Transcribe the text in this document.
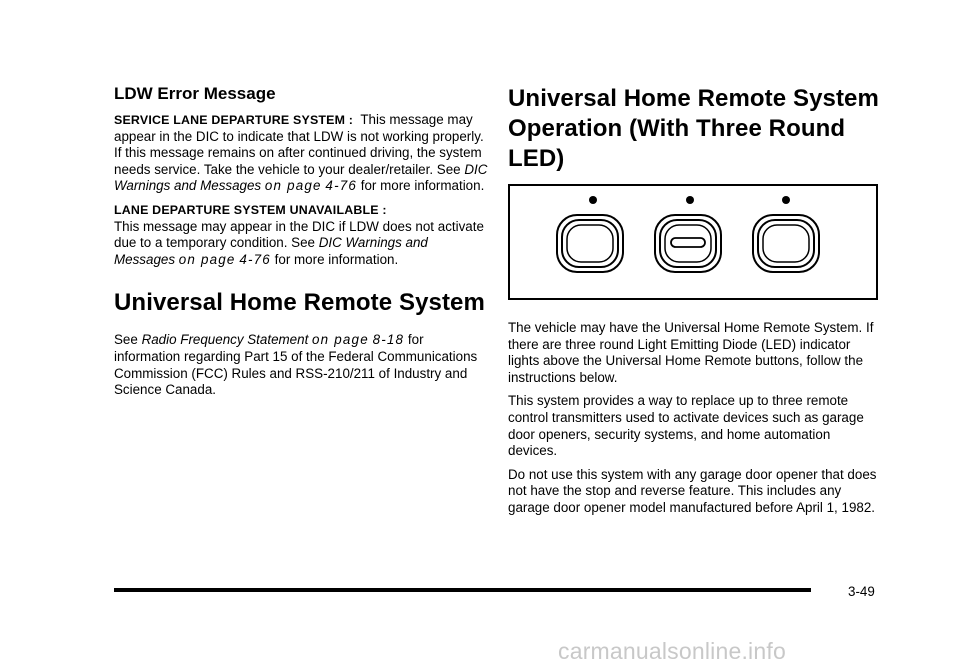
LDW Error Message

SERVICE LANE DEPARTURE SYSTEM : This message may appear in the DIC to indicate that LDW is not working properly. If this message remains on after continued driving, the system needs service. Take the vehicle to your dealer/retailer. See DIC Warnings and Messages on page 4-76 for more information.

LANE DEPARTURE SYSTEM UNAVAILABLE :
This message may appear in the DIC if LDW does not activate due to a temporary condition. See DIC Warnings and Messages on page 4-76 for more information.

Universal Home Remote System

See Radio Frequency Statement on page 8-18 for information regarding Part 15 of the Federal Communications Commission (FCC) Rules and RSS-210/211 of Industry and Science Canada.

Universal Home Remote System Operation (With Three Round LED)

The vehicle may have the Universal Home Remote System. If there are three round Light Emitting Diode (LED) indicator lights above the Universal Home Remote buttons, follow the instructions below.

This system provides a way to replace up to three remote control transmitters used to activate devices such as garage door openers, security systems, and home automation devices.

Do not use this system with any garage door opener that does not have the stop and reverse feature. This includes any garage door opener model manufactured before April 1, 1982.

3-49
carmanualsonline.info
